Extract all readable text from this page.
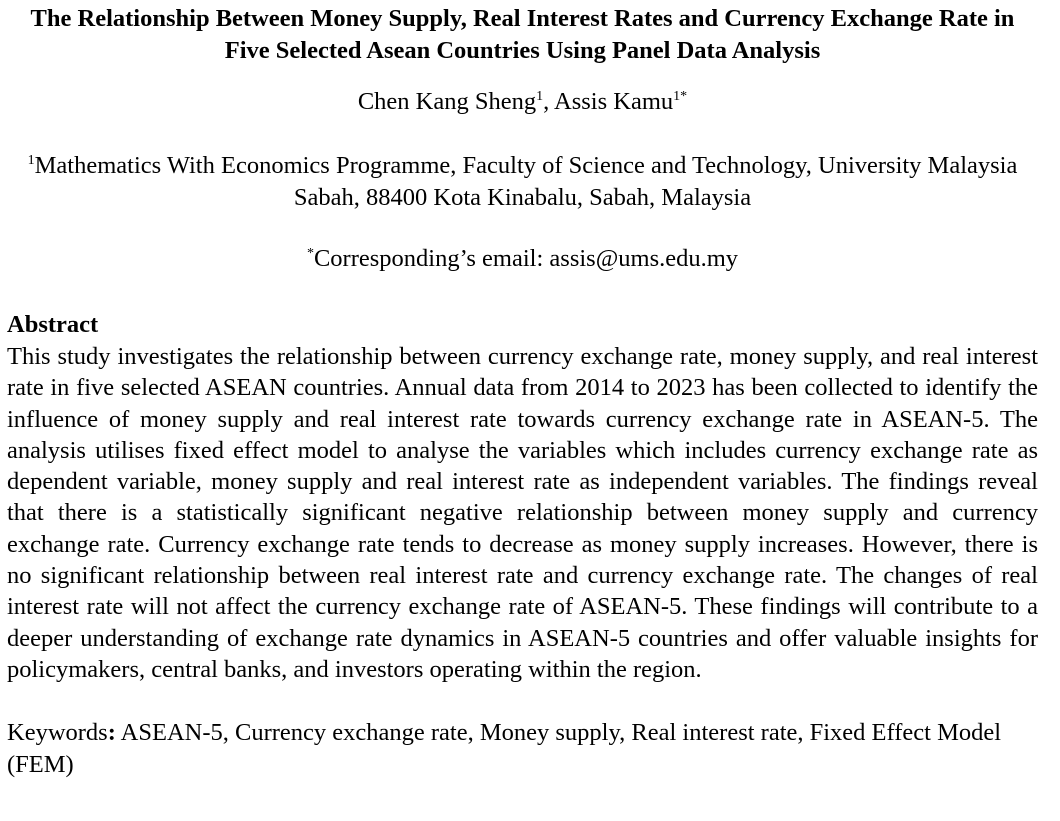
The Relationship Between Money Supply, Real Interest Rates and Currency Exchange Rate in Five Selected Asean Countries Using Panel Data Analysis
Chen Kang Sheng$^1$, Assis Kamu$^{1*}$
$^1$Mathematics With Economics Programme, Faculty of Science and Technology, University Malaysia Sabah, 88400 Kota Kinabalu, Sabah, Malaysia
*Corresponding’s email: assis@ums.edu.my
Abstract

This study investigates the relationship between currency exchange rate, money supply, and real interest rate in five selected ASEAN countries. Annual data from 2014 to 2023 has been collected to identify the influence of money supply and real interest rate towards currency exchange rate in ASEAN-5. The analysis utilises fixed effect model to analyse the variables which includes currency exchange rate as dependent variable, money supply and real interest rate as independent variables. The findings reveal that there is a statistically significant negative relationship between money supply and currency exchange rate. Currency exchange rate tends to decrease as money supply increases. However, there is no significant relationship between real interest rate and currency exchange rate. The changes of real interest rate will not affect the currency exchange rate of ASEAN-5. These findings will contribute to a deeper understanding of exchange rate dynamics in ASEAN-5 countries and offer valuable insights for policymakers, central banks, and investors operating within the region.

Keywords: ASEAN-5, Currency exchange rate, Money supply, Real interest rate, Fixed Effect Model (FEM)
